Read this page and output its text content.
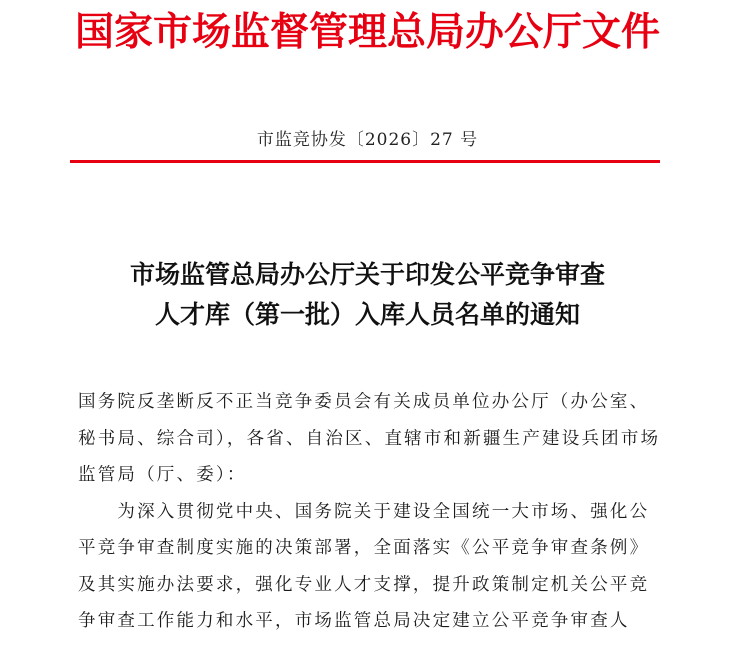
国家市场监督管理总局办公厅文件
市监竞协发〔2026〕27 号
市场监管总局办公厅关于印发公平竞争审查
人才库（第一批）入库人员名单的通知
国务院反垄断反不正当竞争委员会有关成员单位办公厅（办公室、
秘书局、综合司），各省、自治区、直辖市和新疆生产建设兵团市场
监管局（厅、委）：
　　为深入贯彻党中央、国务院关于建设全国统一大市场、强化公
平竞争审查制度实施的决策部署，全面落实《公平竞争审查条例》
及其实施办法要求，强化专业人才支撑，提升政策制定机关公平竞
争审查工作能力和水平，市场监管总局决定建立公平竞争审查人
